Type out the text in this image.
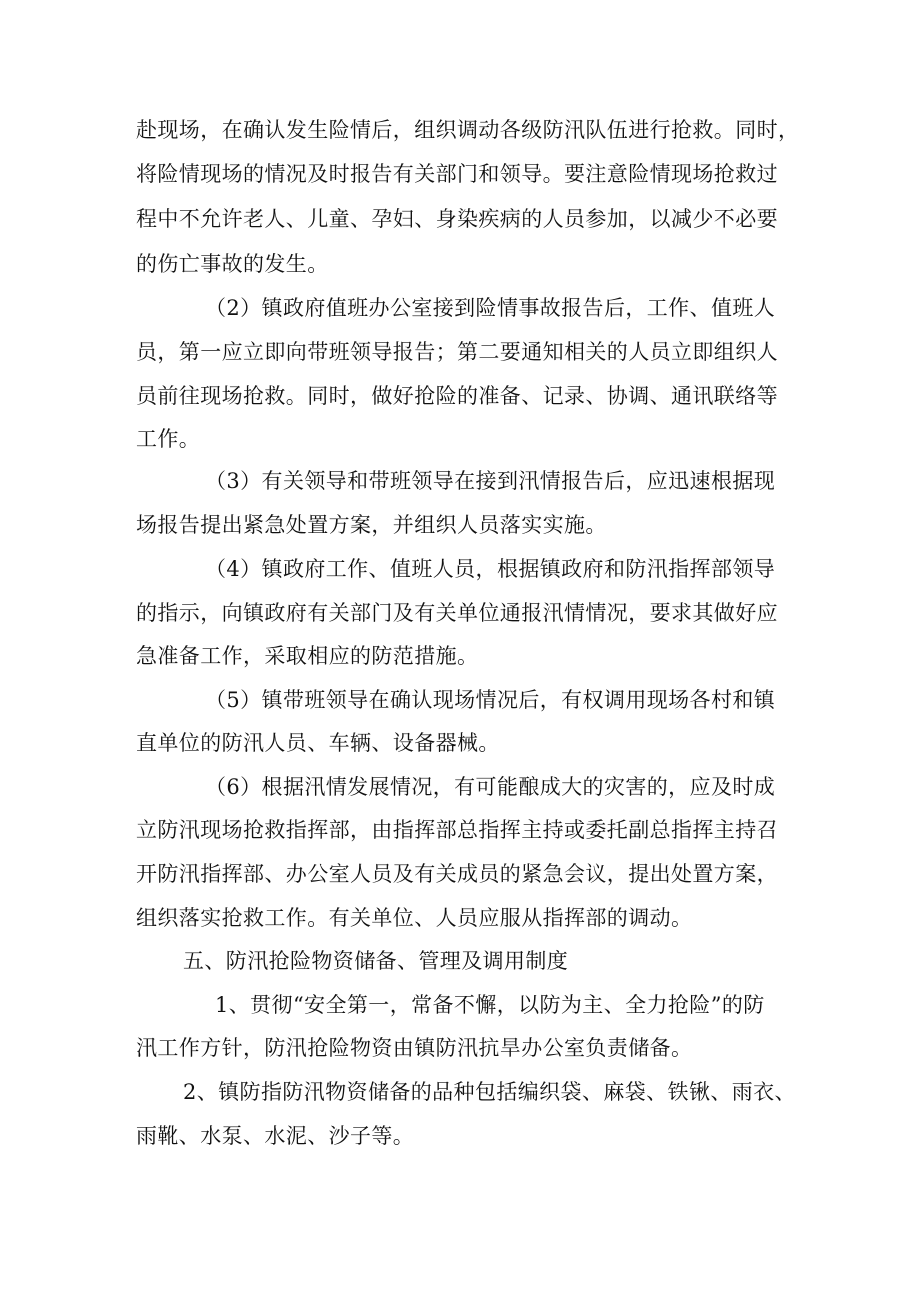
赴现场，在确认发生险情后，组织调动各级防汛队伍进行抢救。同时，

将险情现场的情况及时报告有关部门和领导。要注意险情现场抢救过

程中不允许老人、儿童、孕妇、身染疾病的人员参加，以减少不必要

的伤亡事故的发生。

（2）镇政府值班办公室接到险情事故报告后，工作、值班人

员，第一应立即向带班领导报告；第二要通知相关的人员立即组织人

员前往现场抢救。同时，做好抢险的准备、记录、协调、通讯联络等

工作。

（3）有关领导和带班领导在接到汛情报告后，应迅速根据现

场报告提出紧急处置方案，并组织人员落实实施。

（4）镇政府工作、值班人员，根据镇政府和防汛指挥部领导

的指示，向镇政府有关部门及有关单位通报汛情情况，要求其做好应

急准备工作，采取相应的防范措施。

（5）镇带班领导在确认现场情况后，有权调用现场各村和镇

直单位的防汛人员、车辆、设备器械。

（6）根据汛情发展情况，有可能酿成大的灾害的，应及时成

立防汛现场抢救指挥部，由指挥部总指挥主持或委托副总指挥主持召

开防汛指挥部、办公室人员及有关成员的紧急会议，提出处置方案，

组织落实抢救工作。有关单位、人员应服从指挥部的调动。

五、防汛抢险物资储备、管理及调用制度

1、贯彻“安全第一，常备不懈，以防为主、全力抢险”的防

汛工作方针，防汛抢险物资由镇防汛抗旱办公室负责储备。

2、镇防指防汛物资储备的品种包括编织袋、麻袋、铁锹、雨衣、

雨靴、水泵、水泥、沙子等。
